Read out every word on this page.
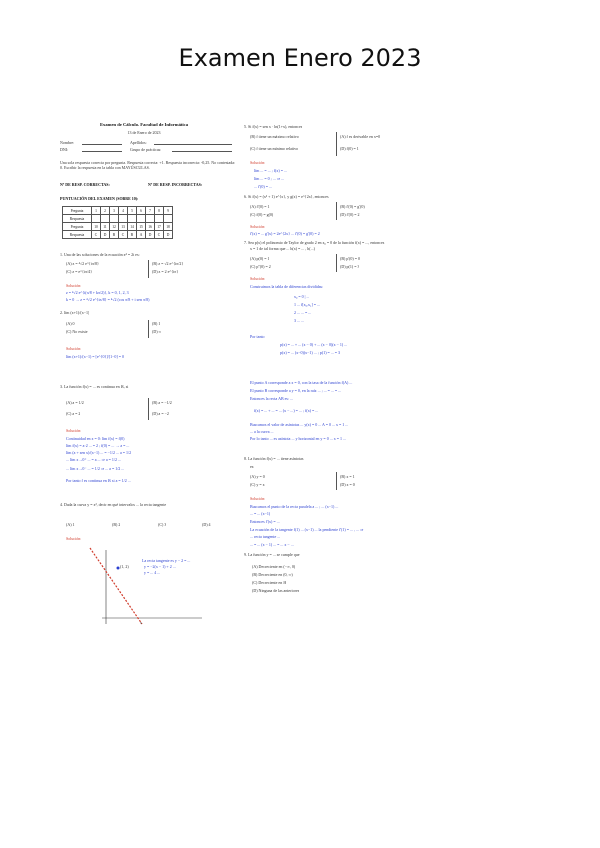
Examen Enero 2023
Examen de Cálculo. Facultad de Informática
13 de Enero de 2023
Nombre:	Apellidos:
DNI:	Grupo de prácticas:
Una sola respuesta correcta por pregunta. Respuesta correcta: +1. Respuesta incorrecta: -0,25. No contestada: 0. Escribir la respuesta en la tabla con MAYÚSCULAS.
Nº DE RESP. CORRECTAS:	Nº DE RESP. INCORRECTAS:
PUNTUACIÓN DEL EXAMEN (SOBRE 10):
Pregunta	1	2	3	4	5	6	7	8	9
Respuesta									
Pregunta	10	11	12	13	14	15	16	17	18
Respuesta	C	D	B	C	B	A	D	C	D
1. Una de las soluciones de la ecuación z⁴ = 2i es:
(A) z = ⁴√2 e^{iπ/8}	(B) z = √2 e^{iπ/2}
(C) z = e^{iπ/4}	(D) z = 2 e^{iπ}
Solución:
z = ⁴√2 e^{i(π/8 + kπ/2)}, k = 0, 1, 2, 3
k = 0 → z = ⁴√2 e^{iπ/8} = ⁴√2 (cos π/8 + i sen π/8)
2. lím (x+1)/(x−1)
(A) 0	(B) 1
(C) No existe	(D) ∞
Solución:
lím (x+1)/(x−1) = [e^{0}]/[1−0] = 0
3. La función f(x) = ... es continua en ℝ, si
(A) a = 1/2	(B) a = −1/2
(C) a = 2	(D) a = −2
Solución:
Continuidad en x = 0: lím f(x) = f(0)
lím f(x) = a·2 ... = 2 ; f(0) = ... → a = ...
lím (a + sen x)/(x−1) ... = −1/2 ... a = 1/2
... lím x→0⁺ ... = a ... ⇒ a = 1/2 ...
... lím x→0⁻ ... = 1/2 ⇒ ... a = 1/2 ...
Por tanto f es continua en ℝ si a = 1/2 ...
4. Dada la curva y = x², decir en qué intervalos ... la recta tangente
(A) 1	(B) 2	(C) 3	(D) 4
Solución:
(1, 2)
x
La recta tangente es y − 2 = ...
y = −2(x − 1) + 2 ...
y = ... 4 ...
5. Si f(x) = sen x · ln(1+x), entonces
(B) f tiene un máximo relativo	(A) f es derivable en x=0
(C) f tiene un mínimo relativo	(D) f(0) = 1
Solución:
lím ... = ... ; f(x) = ...
lím ... = 0 ; ... ⇒ ...
... f'(0) = ...
6. Si f(x) = (x² + 1) e^{x}, y g(x) = e^{2x}, entonces
(A) f'(0) = 1	(B) f'(0) = g'(0)
(C) f(0) = g(0)	(D) f'(0) = 2
Solución:
f'(x) = ... g'(x) = 2e^{2x} ... f'(0) = g'(0) = 2
7. Sea p(x) el polinomio de Taylor de grado 2 en x₀ = 0 de la función f(x) = ..., entonces
x = 1 de tal forma que ... h(x) = ... , h(...)
(A) p(0) = 1	(B) p'(0) = 0
(C) p''(0) = 2	(D) p(1) = 3
Solución:
Construimos la tabla de diferencias divididas:
x₀ = 0 | ...
1 ... f[x₀,x₁] = ...
2 ... ... = ...
3 ... ...
Por tanto
p(x) = ... + ... (x − 0) + ... (x − 0)(x − 1) ...
p(x) = ... (x−0)(x−1) ... ; p(1) = ... = 3
El punto A corresponde a x = 0, con la tasa de la función f(A) ...
El punto B corresponde a y = 0, en la raíz ... ; ... = ... = ...
Entonces la recta AB es: ...
f(x) = ... + ... = ... (x − ...) = ... ; f(x) = ...
Buscamos el valor de asíntotas ... y(x) = 0 ... A = 0 ... x = 1 ...
... a la curva ...
Por lo tanto ... es asíntota ... y horizontal en y = 0 ... x = 1 ...
8. La función f(x) = ... tiene asíntotas
es:
(A) y = 0	(B) x = 1
(C) y = x	(D) x = 0
Solución:
Buscamos el punto de la recta paralela a ... ; ... (x−1) ...
... = ... (x−1)
Entonces f'(x) = ...
La ecuación de la tangente f(1) ... (x−1) ... la pendiente f'(1) = ... , ... ⇒
... recta tangente ...
... = ... (x − 1) ... = ... x − ...
9. La función y = ... se cumple que
(A) Decreciente en (−∞, 0)
(B) Decreciente en (0, ∞)
(C) Decreciente en ℝ
(D) Ninguna de las anteriores
